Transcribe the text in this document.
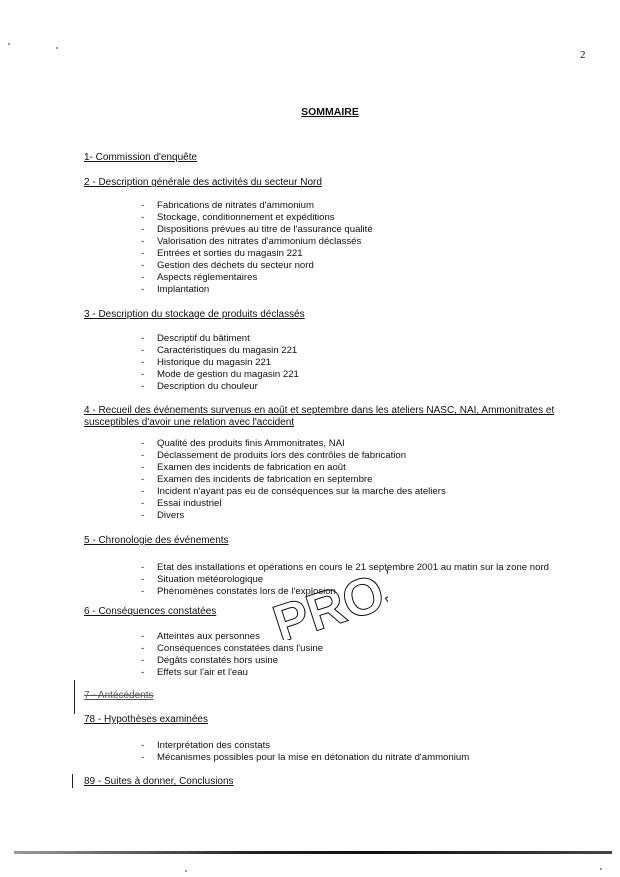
2
SOMMAIRE
1- Commission d'enquête
2 - Description générale des activités du secteur Nord
- Fabrications de nitrates d'ammonium
- Stockage, conditionnement et expéditions
- Dispositions prévues au titre de l'assurance qualité
- Valorisation des nitrates d'ammonium déclassés
- Entrées et sorties du magasin 221
- Gestion des déchets du secteur nord
- Aspects réglementaires
- Implantation
3 - Description du stockage de produits déclassés
- Descriptif du bâtiment
- Caractéristiques du magasin 221
- Historique du magasin 221
- Mode de gestion du magasin 221
- Description du chouleur
4 - Recueil des événements survenus en août et septembre dans les ateliers NASC, NAI, Ammonitrates et susceptibles d'avoir une relation avec l'accident
- Qualité des produits finis Ammonitrates, NAI
- Déclassement de produits lors des contrôles de fabrication
- Examen des incidents de fabrication en août
- Examen des incidents de fabrication en septembre
- Incident n'ayant pas eu de conséquences sur la marche des ateliers
- Essai industriel
- Divers
5 - Chronologie des événements
- Etat des installations et opérations en cours le 21 septembre 2001 au matin sur la zone nord
- Situation météorologique
- Phénomènes constatés lors de l'explosion
6 - Conséquences constatées
- Atteintes aux personnes
- Conséquences constatées dans l'usine
- Dégâts constatés hors usine
- Effets sur l'air et l'eau
7 - Antécédents
78 - Hypothèses examinées
- Interprétation des constats
- Mécanismes possibles pour la mise en détonation du nitrate d'ammonium
89 - Suites à donner, Conclusions
PROJET
